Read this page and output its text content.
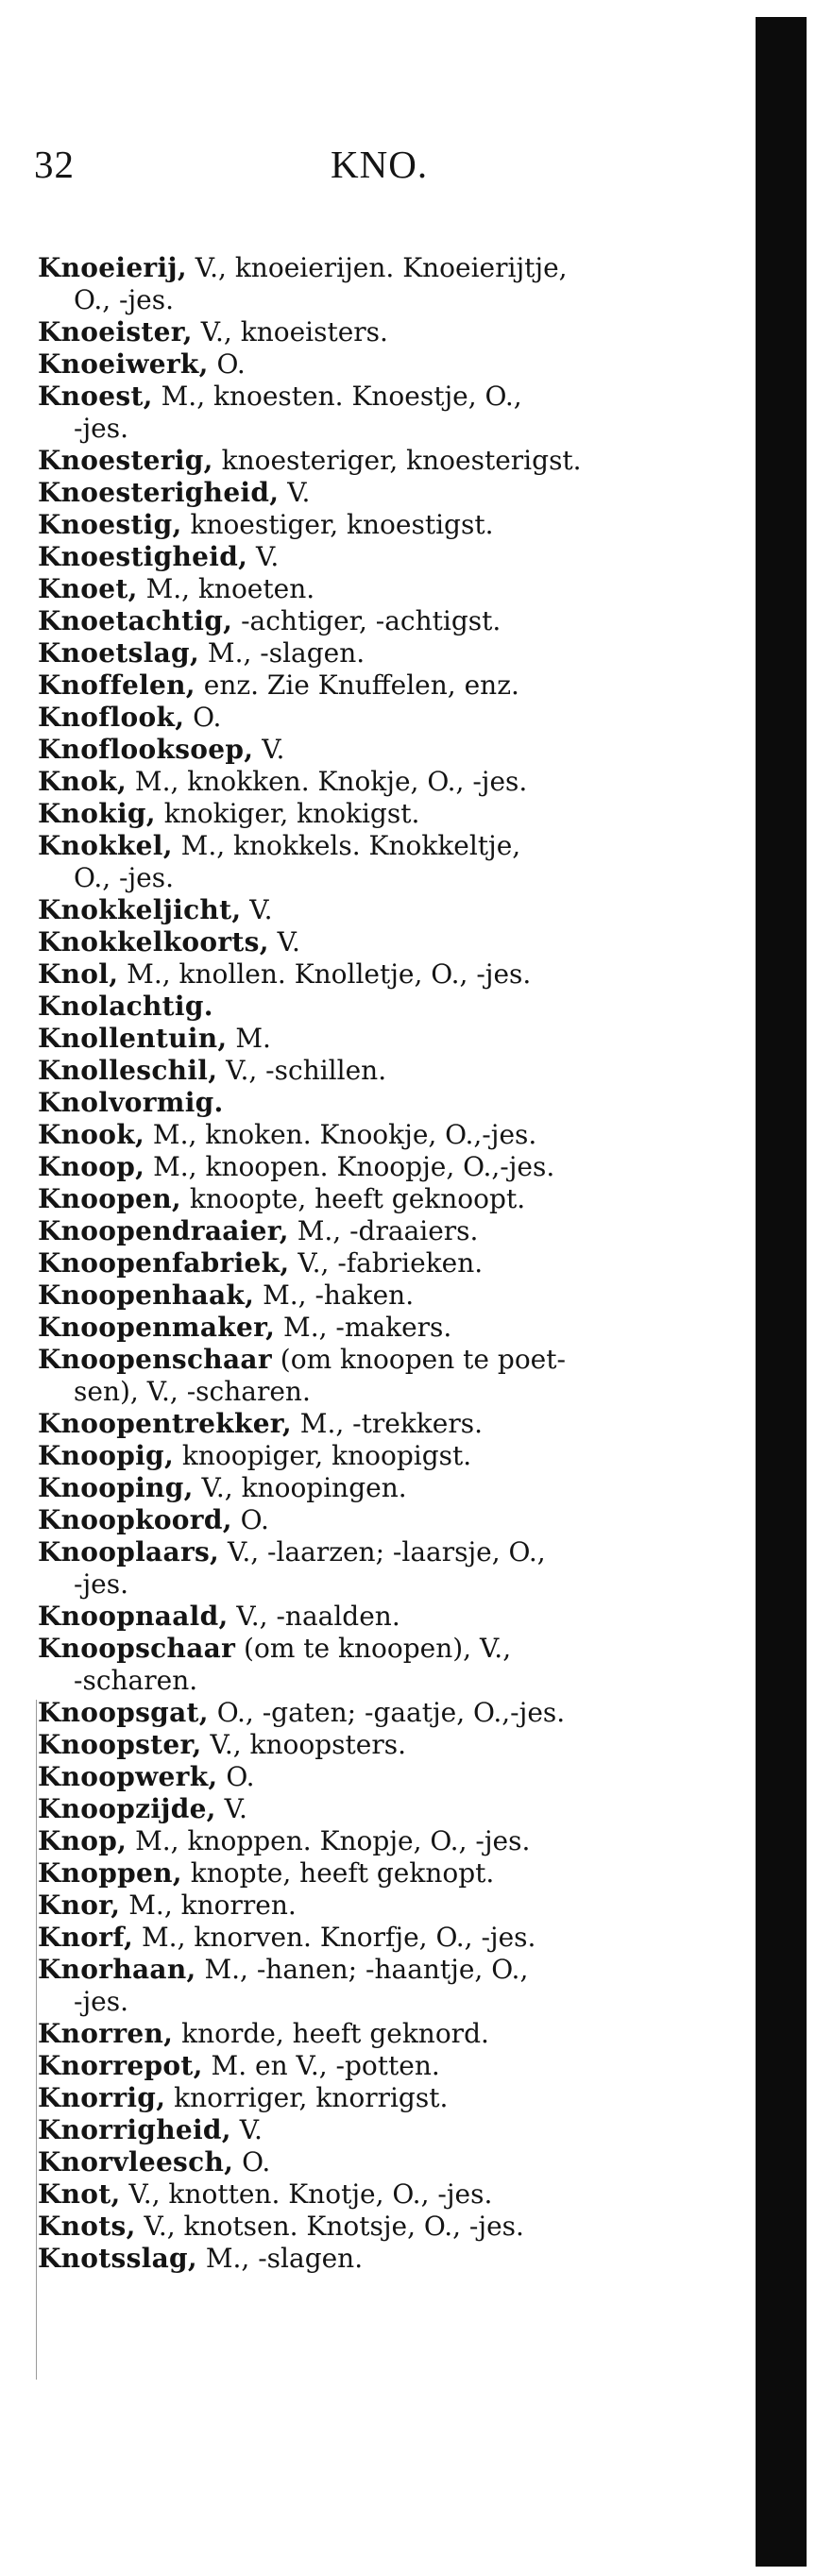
32	KNO.
Knoeierij, V., knoeierijen. Knoeierijtje,
O., -jes.
Knoeister, V., knoeisters.
Knoeiwerk, O.
Knoest, M., knoesten. Knoestje, O.,
-jes.
Knoesterig, knoesteriger, knoesterigst.
Knoesterigheid, V.
Knoestig, knoestiger, knoestigst.
Knoestigheid, V.
Knoet, M., knoeten.
Knoetachtig, -achtiger, -achtigst.
Knoetslag, M., -slagen.
Knoffelen, enz. Zie Knuffelen, enz.
Knoflook, O.
Knoflooksoep, V.
Knok, M., knokken. Knokje, O., -jes.
Knokig, knokiger, knokigst.
Knokkel, M., knokkels. Knokkeltje,
O., -jes.
Knokkeljicht, V.
Knokkelkoorts, V.
Knol, M., knollen. Knolletje, O., -jes.
Knolachtig.
Knollentuin, M.
Knolleschil, V., -schillen.
Knolvormig.
Knook, M., knoken. Knookje, O.,-jes.
Knoop, M., knoopen. Knoopje, O.,-jes.
Knoopen, knoopte, heeft geknoopt.
Knoopendraaier, M., -draaiers.
Knoopenfabriek, V., -fabrieken.
Knoopenhaak, M., -haken.
Knoopenmaker, M., -makers.
Knoopenschaar (om knoopen te poet-
sen), V., -scharen.
Knoopentrekker, M., -trekkers.
Knoopig, knoopiger, knoopigst.
Knooping, V., knoopingen.
Knoopkoord, O.
Knooplaars, V., -laarzen; -laarsje, O.,
-jes.
Knoopnaald, V., -naalden.
Knoopschaar (om te knoopen), V.,
-scharen.
Knoopsgat, O., -gaten; -gaatje, O.,-jes.
Knoopster, V., knoopsters.
Knoopwerk, O.
Knoopzijde, V.
Knop, M., knoppen. Knopje, O., -jes.
Knoppen, knopte, heeft geknopt.
Knor, M., knorren.
Knorf, M., knorven. Knorfje, O., -jes.
Knorhaan, M., -hanen; -haantje, O.,
-jes.
Knorren, knorde, heeft geknord.
Knorrepot, M. en V., -potten.
Knorrig, knorriger, knorrigst.
Knorrigheid, V.
Knorvleesch, O.
Knot, V., knotten. Knotje, O., -jes.
Knots, V., knotsen. Knotsje, O., -jes.
Knotsslag, M., -slagen.
